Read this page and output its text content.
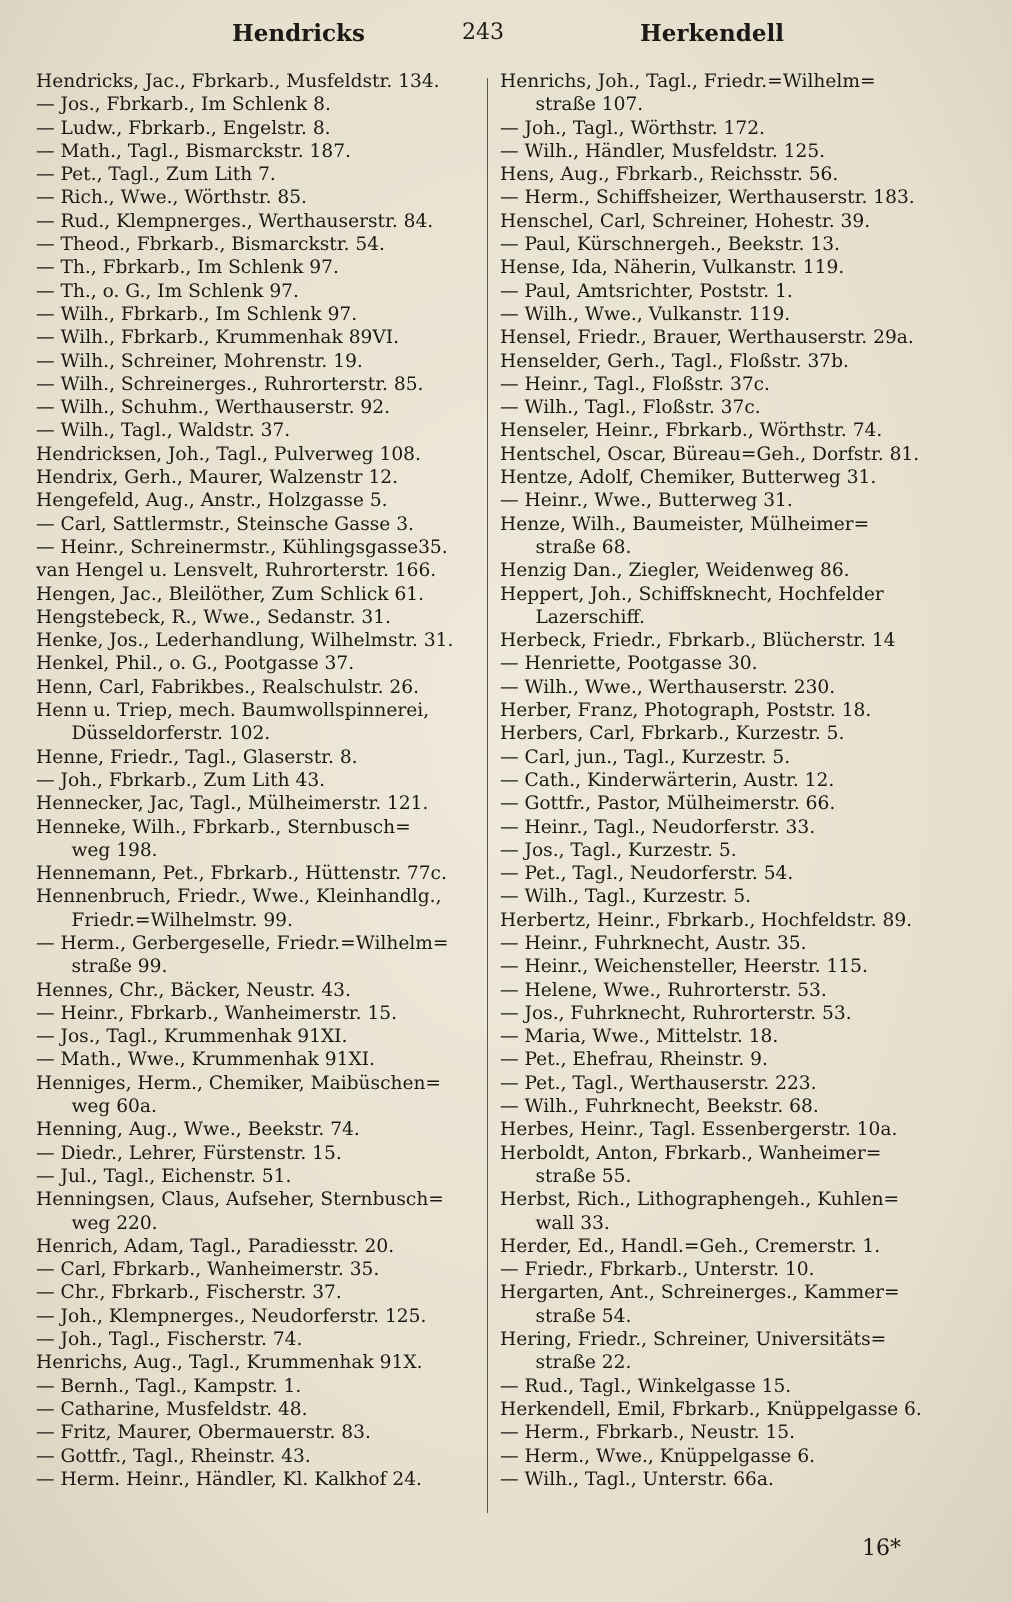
Hendricks	243	Herkendell
Hendricks, Jac., Fbrkarb., Musfeldstr. 134.
— Jos., Fbrkarb., Im Schlenk 8.
— Ludw., Fbrkarb., Engelstr. 8.
— Math., Tagl., Bismarckstr. 187.
— Pet., Tagl., Zum Lith 7.
— Rich., Wwe., Wörthstr. 85.
— Rud., Klempnerges., Werthauserstr. 84.
— Theod., Fbrkarb., Bismarckstr. 54.
— Th., Fbrkarb., Im Schlenk 97.
— Th., o. G., Im Schlenk 97.
— Wilh., Fbrkarb., Im Schlenk 97.
— Wilh., Fbrkarb., Krummenhak 89VI.
— Wilh., Schreiner, Mohrenstr. 19.
— Wilh., Schreinerges., Ruhrorterstr. 85.
— Wilh., Schuhm., Werthauserstr. 92.
— Wilh., Tagl., Waldstr. 37.
Hendricksen, Joh., Tagl., Pulverweg 108.
Hendrix, Gerh., Maurer, Walzenstr 12.
Hengefeld, Aug., Anstr., Holzgasse 5.
— Carl, Sattlermstr., Steinsche Gasse 3.
— Heinr., Schreinermstr., Kühlingsgasse35.
van Hengel u. Lensvelt, Ruhrorterstr. 166.
Hengen, Jac., Bleilöther, Zum Schlick 61.
Hengstebeck, R., Wwe., Sedanstr. 31.
Henke, Jos., Lederhandlung, Wilhelmstr. 31.
Henkel, Phil., o. G., Pootgasse 37.
Henn, Carl, Fabrikbes., Realschulstr. 26.
Henn u. Triep, mech. Baumwollspinnerei,
Düsseldorferstr. 102.
Henne, Friedr., Tagl., Glaserstr. 8.
— Joh., Fbrkarb., Zum Lith 43.
Hennecker, Jac, Tagl., Mülheimerstr. 121.
Henneke, Wilh., Fbrkarb., Sternbusch=
weg 198.
Hennemann, Pet., Fbrkarb., Hüttenstr. 77c.
Hennenbruch, Friedr., Wwe., Kleinhandlg.,
Friedr.=Wilhelmstr. 99.
— Herm., Gerbergeselle, Friedr.=Wilhelm=
straße 99.
Hennes, Chr., Bäcker, Neustr. 43.
— Heinr., Fbrkarb., Wanheimerstr. 15.
— Jos., Tagl., Krummenhak 91XI.
— Math., Wwe., Krummenhak 91XI.
Henniges, Herm., Chemiker, Maibüschen=
weg 60a.
Henning, Aug., Wwe., Beekstr. 74.
— Diedr., Lehrer, Fürstenstr. 15.
— Jul., Tagl., Eichenstr. 51.
Henningsen, Claus, Aufseher, Sternbusch=
weg 220.
Henrich, Adam, Tagl., Paradiesstr. 20.
— Carl, Fbrkarb., Wanheimerstr. 35.
— Chr., Fbrkarb., Fischerstr. 37.
— Joh., Klempnerges., Neudorferstr. 125.
— Joh., Tagl., Fischerstr. 74.
Henrichs, Aug., Tagl., Krummenhak 91X.
— Bernh., Tagl., Kampstr. 1.
— Catharine, Musfeldstr. 48.
— Fritz, Maurer, Obermauerstr. 83.
— Gottfr., Tagl., Rheinstr. 43.
— Herm. Heinr., Händler, Kl. Kalkhof 24.
Henrichs, Joh., Tagl., Friedr.=Wilhelm=
straße 107.
— Joh., Tagl., Wörthstr. 172.
— Wilh., Händler, Musfeldstr. 125.
Hens, Aug., Fbrkarb., Reichsstr. 56.
— Herm., Schiffsheizer, Werthauserstr. 183.
Henschel, Carl, Schreiner, Hohestr. 39.
— Paul, Kürschnergeh., Beekstr. 13.
Hense, Ida, Näherin, Vulkanstr. 119.
— Paul, Amtsrichter, Poststr. 1.
— Wilh., Wwe., Vulkanstr. 119.
Hensel, Friedr., Brauer, Werthauserstr. 29a.
Henselder, Gerh., Tagl., Floßstr. 37b.
— Heinr., Tagl., Floßstr. 37c.
— Wilh., Tagl., Floßstr. 37c.
Henseler, Heinr., Fbrkarb., Wörthstr. 74.
Hentschel, Oscar, Büreau=Geh., Dorfstr. 81.
Hentze, Adolf, Chemiker, Butterweg 31.
— Heinr., Wwe., Butterweg 31.
Henze, Wilh., Baumeister, Mülheimer=
straße 68.
Henzig Dan., Ziegler, Weidenweg 86.
Heppert, Joh., Schiffsknecht, Hochfelder
Lazerschiff.
Herbeck, Friedr., Fbrkarb., Blücherstr. 14
— Henriette, Pootgasse 30.
— Wilh., Wwe., Werthauserstr. 230.
Herber, Franz, Photograph, Poststr. 18.
Herbers, Carl, Fbrkarb., Kurzestr. 5.
— Carl, jun., Tagl., Kurzestr. 5.
— Cath., Kinderwärterin, Austr. 12.
— Gottfr., Pastor, Mülheimerstr. 66.
— Heinr., Tagl., Neudorferstr. 33.
— Jos., Tagl., Kurzestr. 5.
— Pet., Tagl., Neudorferstr. 54.
— Wilh., Tagl., Kurzestr. 5.
Herbertz, Heinr., Fbrkarb., Hochfeldstr. 89.
— Heinr., Fuhrknecht, Austr. 35.
— Heinr., Weichensteller, Heerstr. 115.
— Helene, Wwe., Ruhrorterstr. 53.
— Jos., Fuhrknecht, Ruhrorterstr. 53.
— Maria, Wwe., Mittelstr. 18.
— Pet., Ehefrau, Rheinstr. 9.
— Pet., Tagl., Werthauserstr. 223.
— Wilh., Fuhrknecht, Beekstr. 68.
Herbes, Heinr., Tagl. Essenbergerstr. 10a.
Herboldt, Anton, Fbrkarb., Wanheimer=
straße 55.
Herbst, Rich., Lithographengeh., Kuhlen=
wall 33.
Herder, Ed., Handl.=Geh., Cremerstr. 1.
— Friedr., Fbrkarb., Unterstr. 10.
Hergarten, Ant., Schreinerges., Kammer=
straße 54.
Hering, Friedr., Schreiner, Universitäts=
straße 22.
— Rud., Tagl., Winkelgasse 15.
Herkendell, Emil, Fbrkarb., Knüppelgasse 6.
— Herm., Fbrkarb., Neustr. 15.
— Herm., Wwe., Knüppelgasse 6.
— Wilh., Tagl., Unterstr. 66a.
16*
